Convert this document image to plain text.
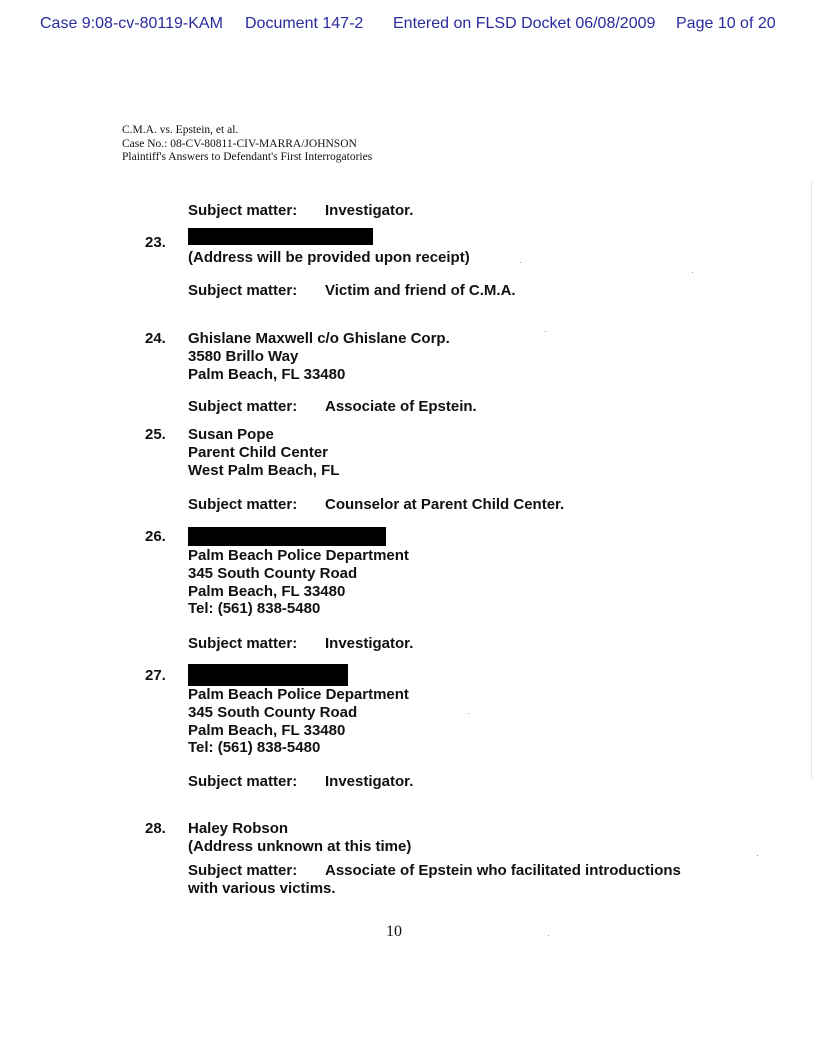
Case 9:08-cv-80119-KAM Document 147-2 Entered on FLSD Docket 06/08/2009 Page 10 of 20
C.M.A. vs. Epstein, et al.
Case No.: 08-CV-80811-CIV-MARRA/JOHNSON
Plaintiff's Answers to Defendant's First Interrogatories
Subject matter: Investigator.
23.
(Address will be provided upon receipt)
Subject matter: Victim and friend of C.M.A.
24. Ghislane Maxwell c/o Ghislane Corp.
3580 Brillo Way
Palm Beach, FL 33480
Subject matter: Associate of Epstein.
25. Susan Pope
Parent Child Center
West Palm Beach, FL
Subject matter: Counselor at Parent Child Center.
26.
Palm Beach Police Department
345 South County Road
Palm Beach, FL 33480
Tel: (561) 838-5480
Subject matter: Investigator.
27.
Palm Beach Police Department
345 South County Road
Palm Beach, FL 33480
Tel: (561) 838-5480
Subject matter: Investigator.
28. Haley Robson
(Address unknown at this time)
Subject matter: Associate of Epstein who facilitated introductions
with various victims.
10
